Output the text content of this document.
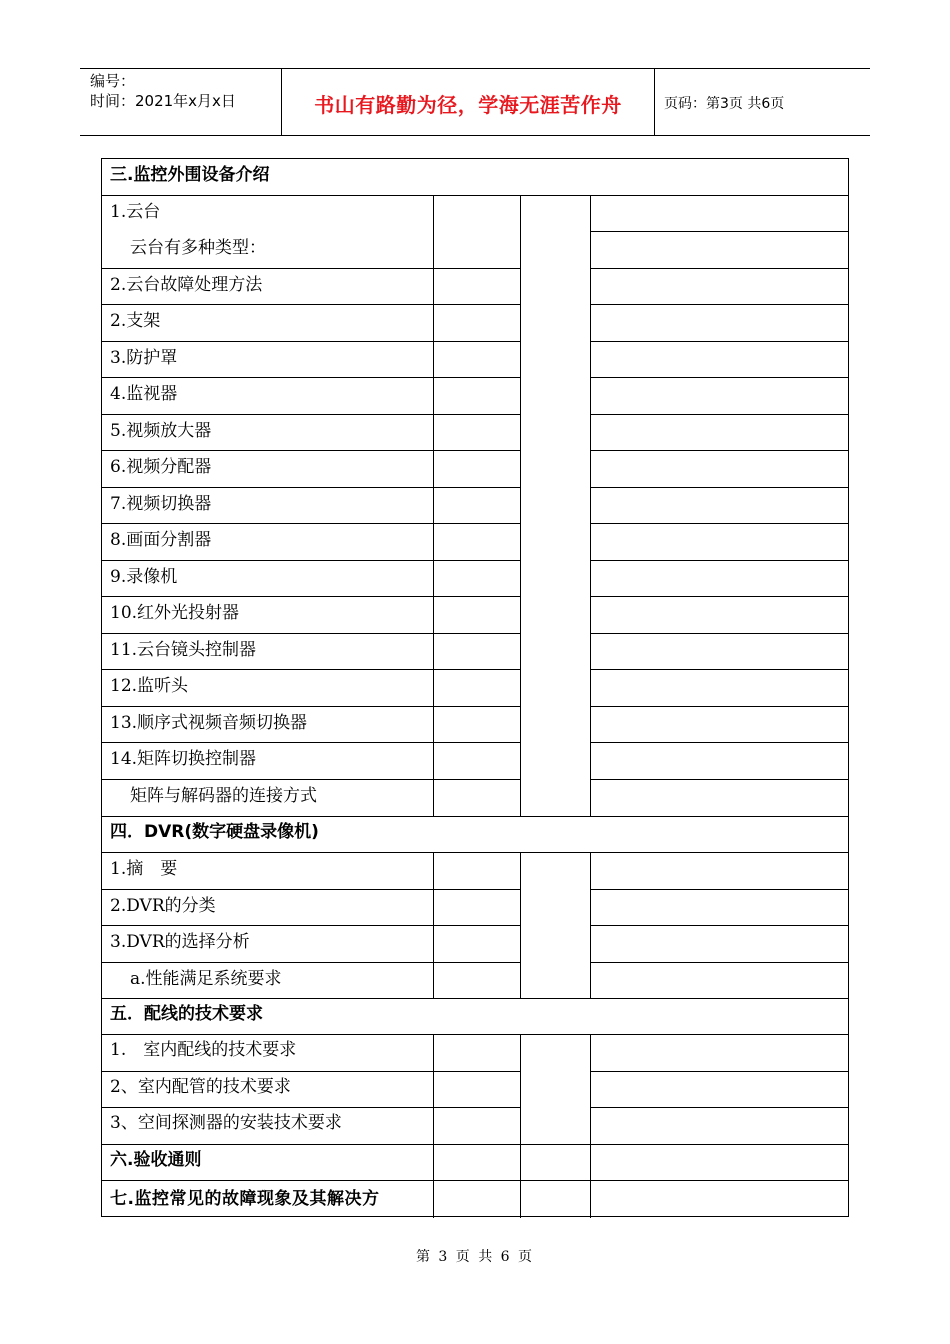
编号：
时间：2021年x月x日	书山有路勤为径，学海无涯苦作舟	页码：第3页 共6页
三.监控外围设备介绍
1.云台
云台有多种类型：
2.云台故障处理方法
2.支架
3.防护罩
4.监视器
5.视频放大器
6.视频分配器
7.视频切换器
8.画面分割器
9.录像机
10.红外光投射器
11.云台镜头控制器
12.监听头
13.顺序式视频音频切换器
14.矩阵切换控制器
矩阵与解码器的连接方式
四．DVR(数字硬盘录像机)
1.摘　要
2.DVR的分类
3.DVR的选择分析
a.性能满足系统要求
五．配线的技术要求
1.　室内配线的技术要求
2、室内配管的技术要求
3、空间探测器的安装技术要求
六.验收通则
七.监控常见的故障现象及其解决方
第 3 页 共 6 页
